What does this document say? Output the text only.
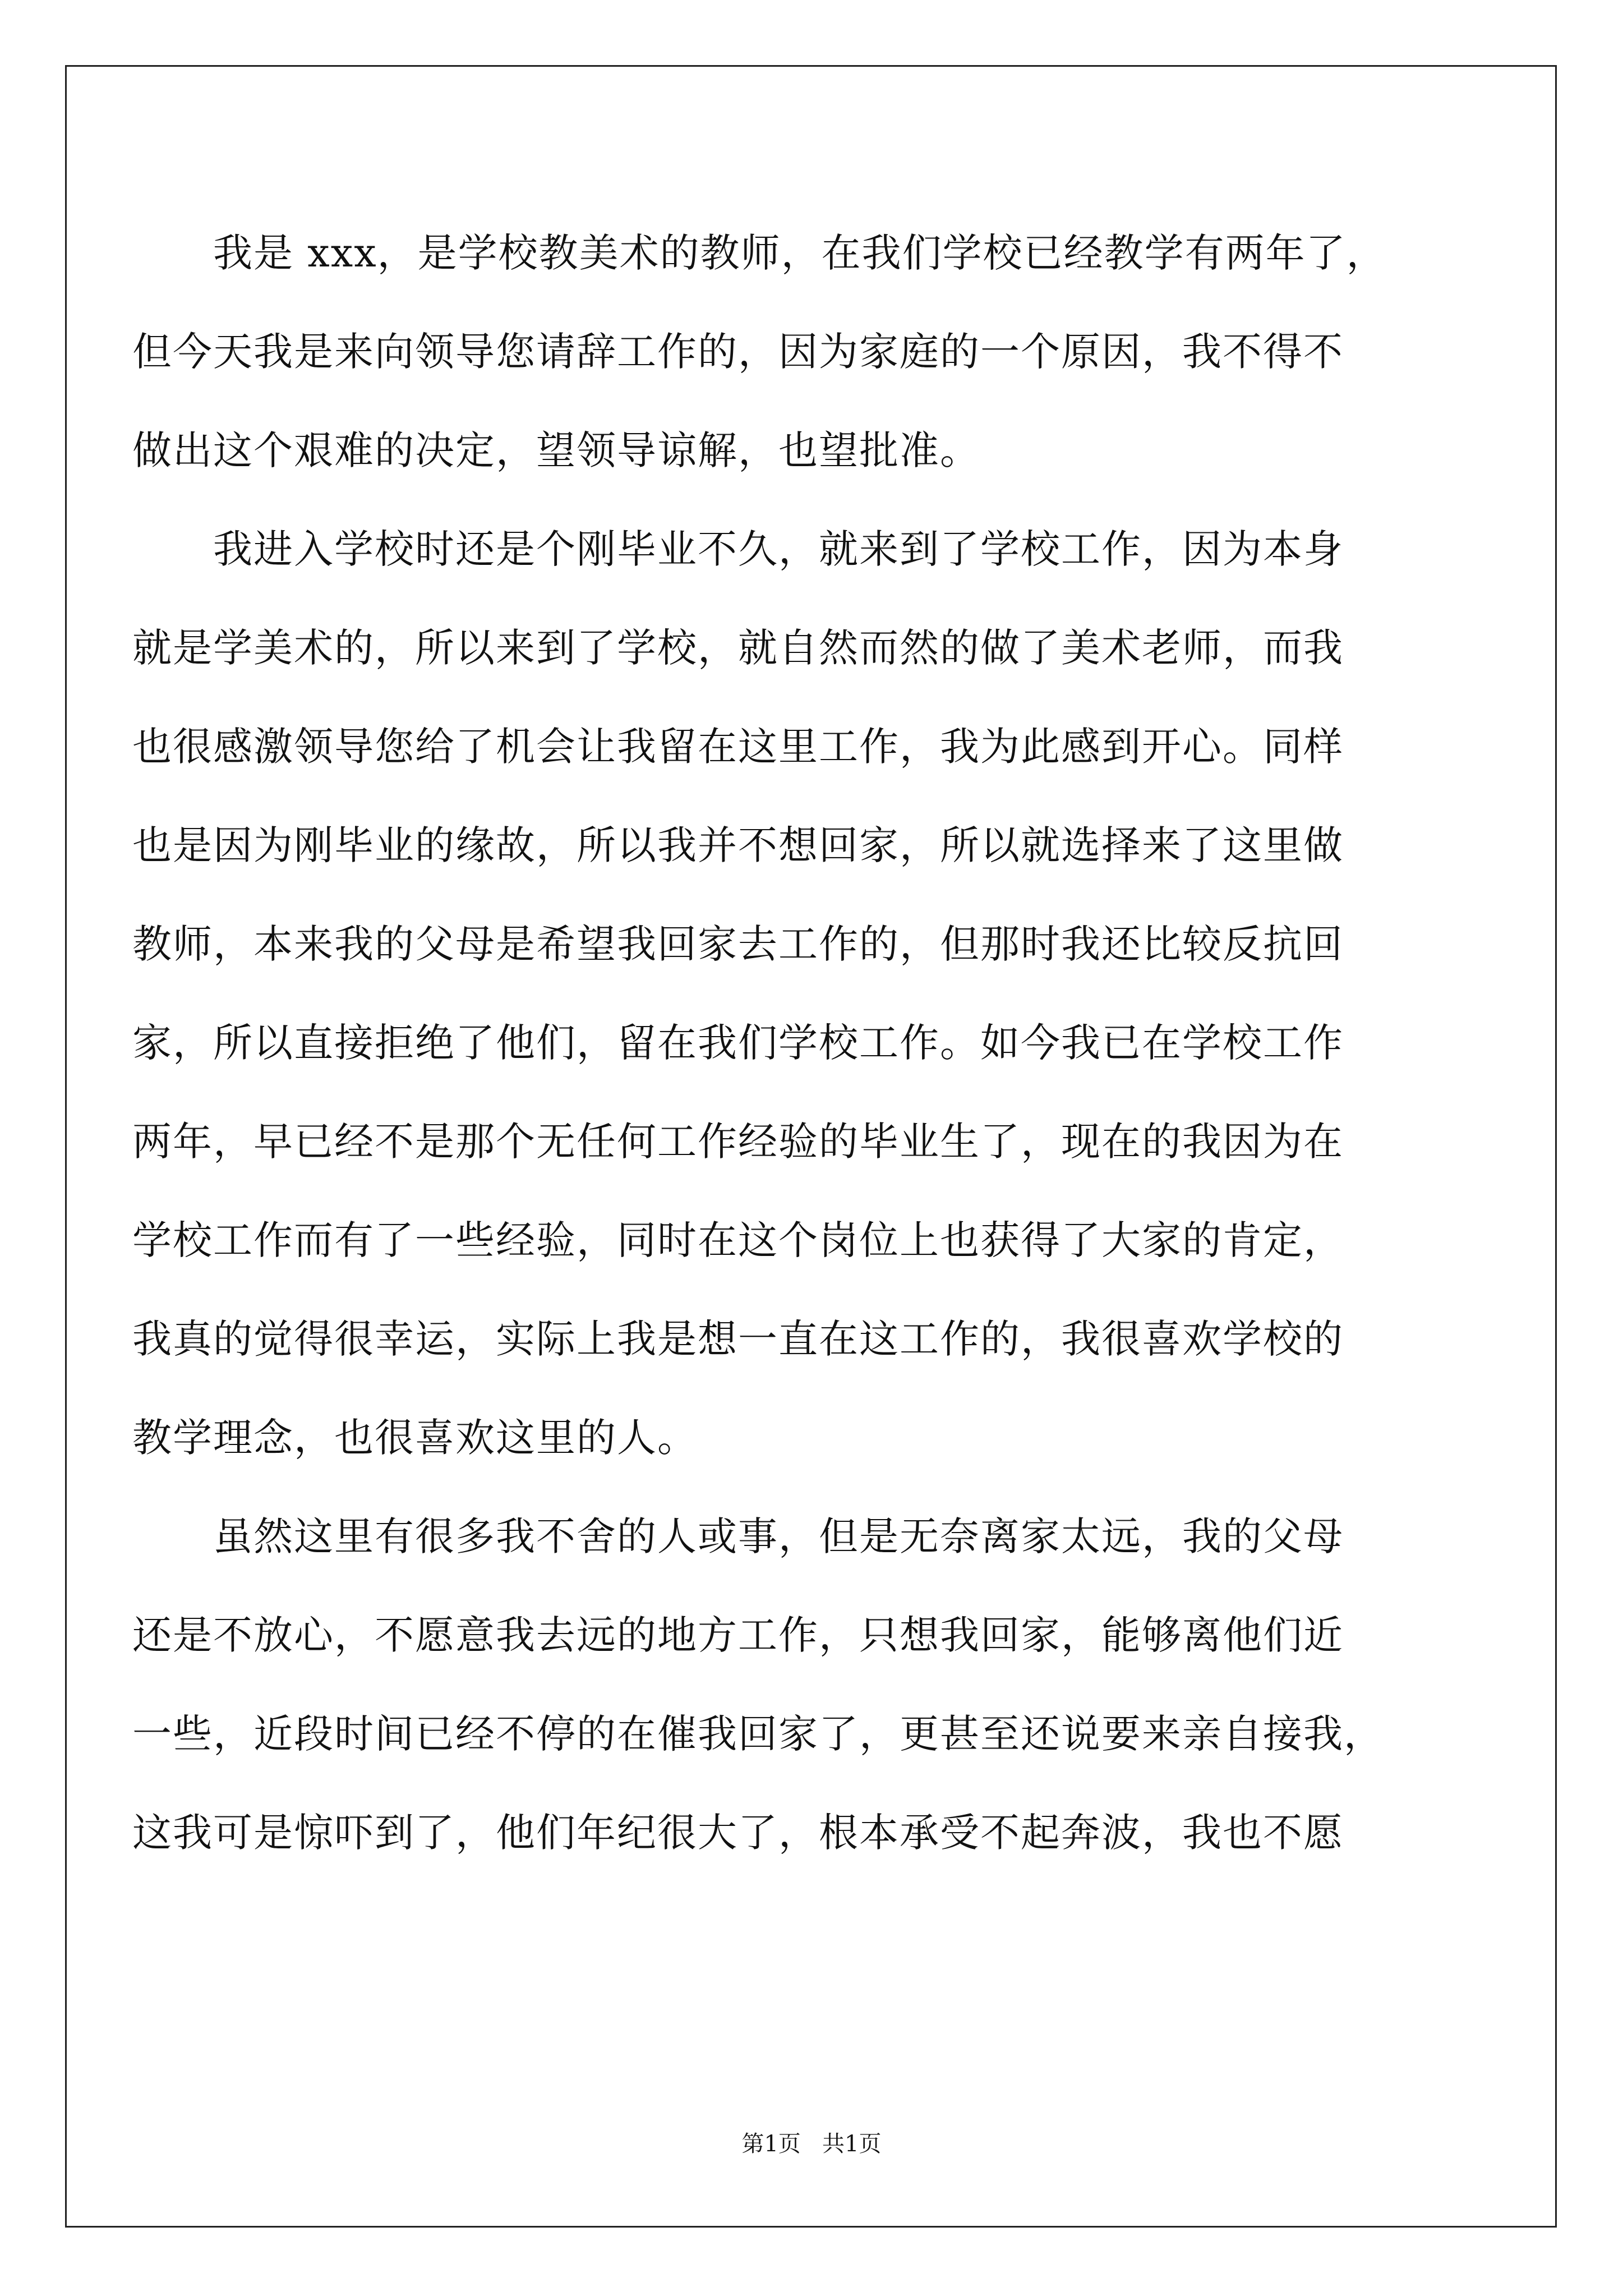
我是 xxx，是学校教美术的教师，在我们学校已经教学有两年了，
但今天我是来向领导您请辞工作的，因为家庭的一个原因，我不得不
做出这个艰难的决定，望领导谅解，也望批准。
我进入学校时还是个刚毕业不久，就来到了学校工作，因为本身
就是学美术的，所以来到了学校，就自然而然的做了美术老师，而我
也很感激领导您给了机会让我留在这里工作，我为此感到开心。同样
也是因为刚毕业的缘故，所以我并不想回家，所以就选择来了这里做
教师，本来我的父母是希望我回家去工作的，但那时我还比较反抗回
家，所以直接拒绝了他们，留在我们学校工作。如今我已在学校工作
两年，早已经不是那个无任何工作经验的毕业生了，现在的我因为在
学校工作而有了一些经验，同时在这个岗位上也获得了大家的肯定，
我真的觉得很幸运，实际上我是想一直在这工作的，我很喜欢学校的
教学理念，也很喜欢这里的人。
虽然这里有很多我不舍的人或事，但是无奈离家太远，我的父母
还是不放心，不愿意我去远的地方工作，只想我回家，能够离他们近
一些，近段时间已经不停的在催我回家了，更甚至还说要来亲自接我，
这我可是惊吓到了，他们年纪很大了，根本承受不起奔波，我也不愿
第1页   共1页
